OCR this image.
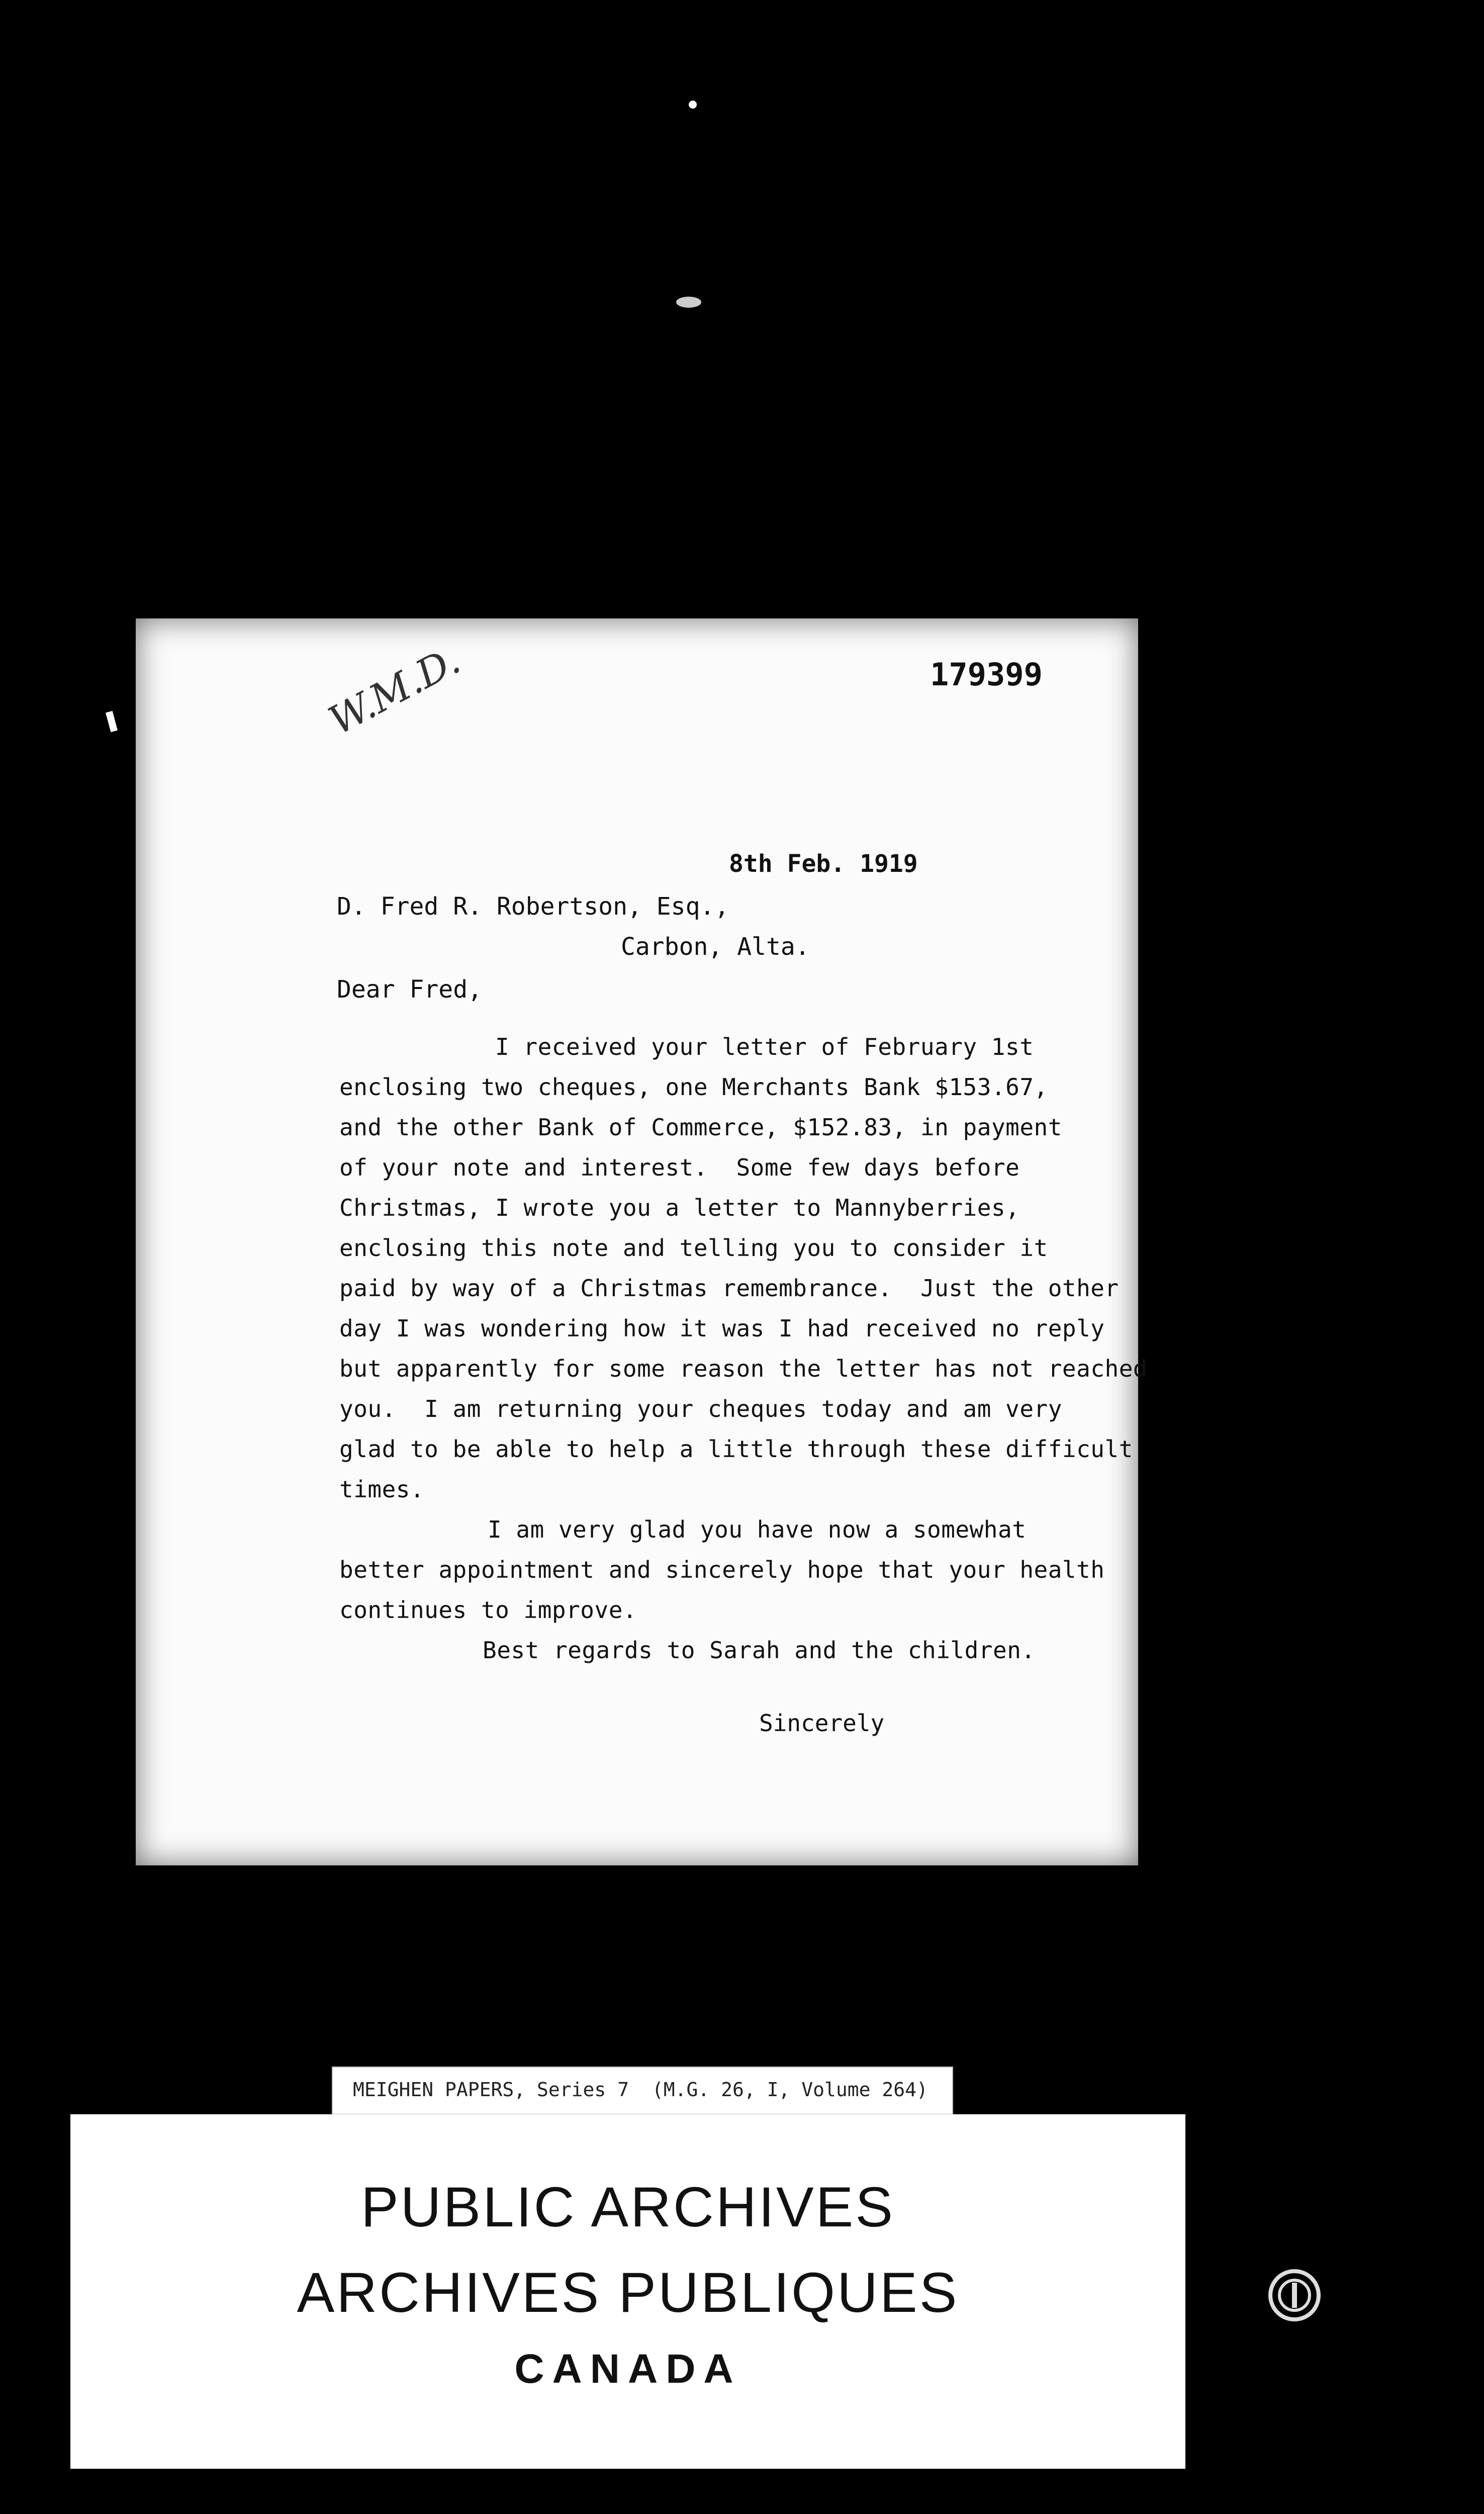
179399
W.M.D.
8th Feb. 1919
D. Fred R. Robertson, Esq.,
Carbon, Alta.
Dear Fred,
I received your letter of February 1st
enclosing two cheques, one Merchants Bank $153.67,
and the other Bank of Commerce, $152.83, in payment
of your note and interest.  Some few days before
Christmas, I wrote you a letter to Mannyberries,
enclosing this note and telling you to consider it
paid by way of a Christmas remembrance.  Just the other
day I was wondering how it was I had received no reply
but apparently for some reason the letter has not reached
you.  I am returning your cheques today and am very
glad to be able to help a little through these difficult
times.
I am very glad you have now a somewhat
better appointment and sincerely hope that your health
continues to improve.
Best regards to Sarah and the children.
Sincerely
MEIGHEN PAPERS, Series 7  (M.G. 26, I, Volume 264)
PUBLIC ARCHIVES
ARCHIVES PUBLIQUES
CANADA
